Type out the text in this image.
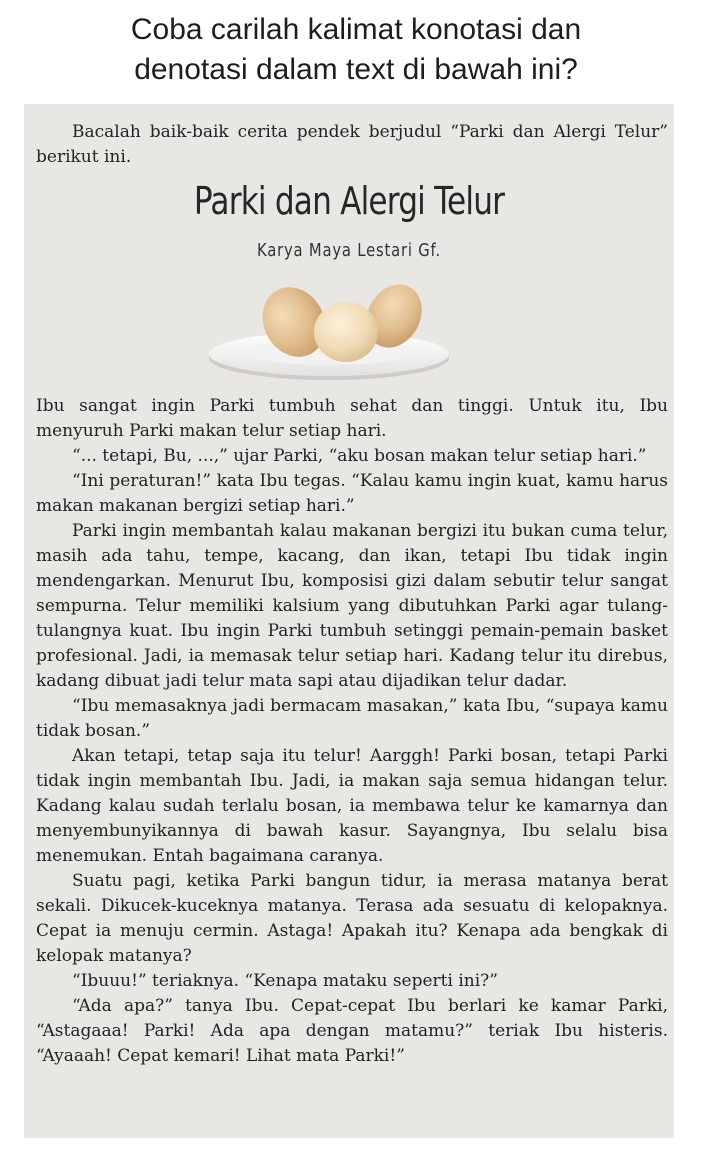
Coba carilah kalimat konotasi dan
denotasi dalam text di bawah ini?

Bacalah baik-baik cerita pendek berjudul “Parki dan Alergi Telur” berikut ini.

Parki dan Alergi Telur
Karya Maya Lestari Gf.

Ibu sangat ingin Parki tumbuh sehat dan tinggi. Untuk itu, Ibu menyuruh Parki makan telur setiap hari.

“... tetapi, Bu, ...,” ujar Parki, “aku bosan makan telur setiap hari.”

“Ini peraturan!” kata Ibu tegas. “Kalau kamu ingin kuat, kamu harus makan makanan bergizi setiap hari.”

Parki ingin membantah kalau makanan bergizi itu bukan cuma telur, masih ada tahu, tempe, kacang, dan ikan, tetapi Ibu tidak ingin mendengarkan. Menurut Ibu, komposisi gizi dalam sebutir telur sangat sempurna. Telur memiliki kalsium yang dibutuhkan Parki agar tulang-tulangnya kuat. Ibu ingin Parki tumbuh setinggi pemain-pemain basket profesional. Jadi, ia memasak telur setiap hari. Kadang telur itu direbus, kadang dibuat jadi telur mata sapi atau dijadikan telur dadar.

“Ibu memasaknya jadi bermacam masakan,” kata Ibu, “supaya kamu tidak bosan.”

Akan tetapi, tetap saja itu telur! Aarggh! Parki bosan, tetapi Parki tidak ingin membantah Ibu. Jadi, ia makan saja semua hidangan telur. Kadang kalau sudah terlalu bosan, ia membawa telur ke kamarnya dan menyembunyikannya di bawah kasur. Sayangnya, Ibu selalu bisa menemukan. Entah bagaimana caranya.

Suatu pagi, ketika Parki bangun tidur, ia merasa matanya berat sekali. Dikucek-kuceknya matanya. Terasa ada sesuatu di kelopaknya. Cepat ia menuju cermin. Astaga! Apakah itu? Kenapa ada bengkak di kelopak matanya?

“Ibuuu!” teriaknya. “Kenapa mataku seperti ini?”

“Ada apa?” tanya Ibu. Cepat-cepat Ibu berlari ke kamar Parki, “Astagaaa! Parki! Ada apa dengan matamu?” teriak Ibu histeris. “Ayaaah! Cepat kemari! Lihat mata Parki!”
